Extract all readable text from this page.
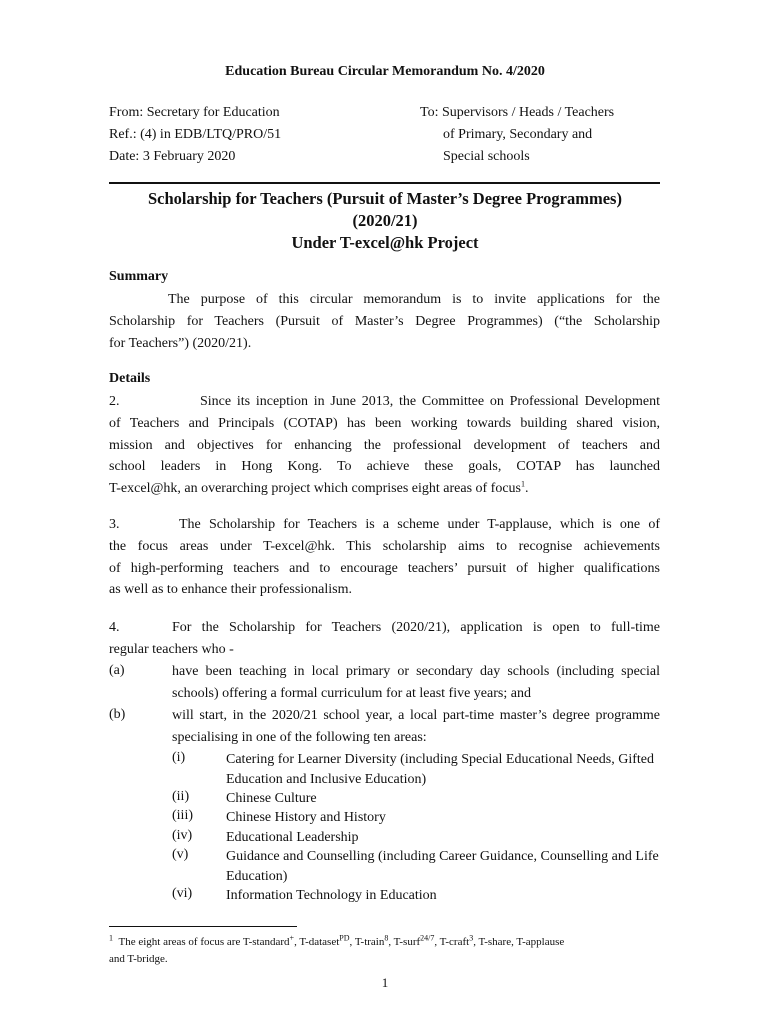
Education Bureau Circular Memorandum No. 4/2020
From: Secretary for Education
Ref.: (4) in EDB/LTQ/PRO/51
Date: 3 February 2020
To: Supervisors / Heads / Teachers
of Primary, Secondary and
Special schools
Scholarship for Teachers (Pursuit of Master’s Degree Programmes)
(2020/21)
Under T-excel@hk Project
Summary
The purpose of this circular memorandum is to invite applications for the
Scholarship for Teachers (Pursuit of Master’s Degree Programmes) (“the Scholarship
for Teachers”) (2020/21).
Details
2.	Since its inception in June 2013, the Committee on Professional Development
of Teachers and Principals (COTAP) has been working towards building shared vision,
mission and objectives for enhancing the professional development of teachers and
school leaders in Hong Kong. To achieve these goals, COTAP has launched
T-excel@hk, an overarching project which comprises eight areas of focus$^1$.
3.	The Scholarship for Teachers is a scheme under T-applause, which is one of
the focus areas under T-excel@hk. This scholarship aims to recognise achievements
of high-performing teachers and to encourage teachers’ pursuit of higher qualifications
as well as to enhance their professionalism.
4.	For the Scholarship for Teachers (2020/21), application is open to full-time
regular teachers who -
(a)	have been teaching in local primary or secondary day schools (including special schools) offering a formal curriculum for at least five years; and
(b)	will start, in the 2020/21 school year, a local part-time master’s degree programme specialising in one of the following ten areas:
(i)	Catering for Learner Diversity (including Special Educational Needs, Gifted Education and Inclusive Education)
(ii)	Chinese Culture
(iii) Chinese History and History
(iv) Educational Leadership
(v)	Guidance and Counselling (including Career Guidance, Counselling and Life Education)
(vi) Information Technology in Education
$^1$ The eight areas of focus are T-standard+, T-dataset$^{PD}$, T-train$^8$, T-surf$^{24/7}$, T-craft$^3$, T-share, T-applause
and T-bridge.
1
